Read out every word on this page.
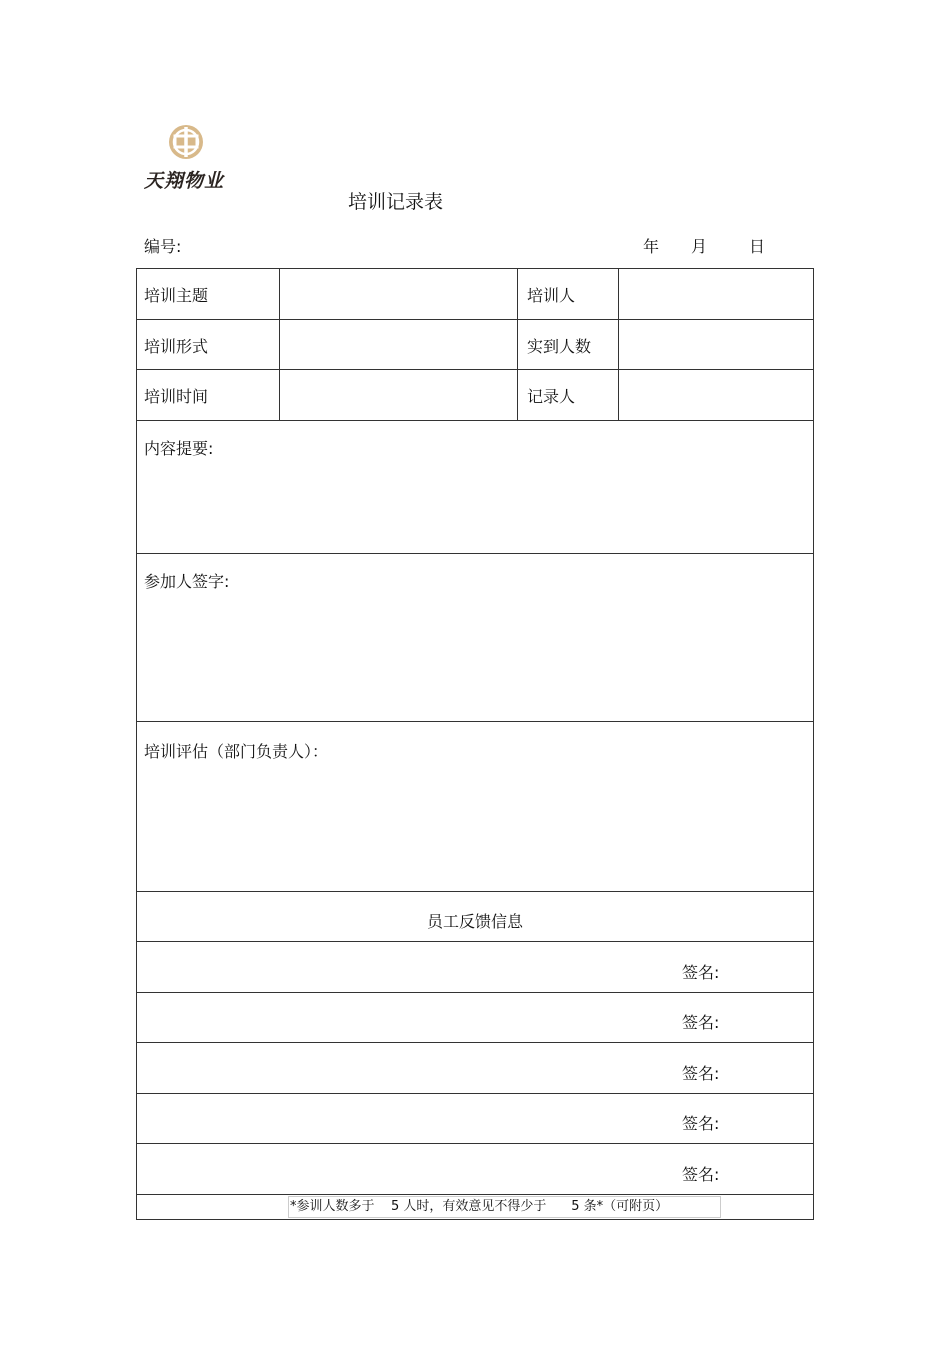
天翔物业
培训记录表
编号:	年 月	日
培训主题	培训人
培训形式	实到人数
培训时间	记录人
内容提要:
参加人签字:
培训评估（部门负责人）：
员工反馈信息
签名:
签名:
签名:
签名:
签名:
*参训人数多于    5 人时，有效意见不得少于      5 条*（可附页）
